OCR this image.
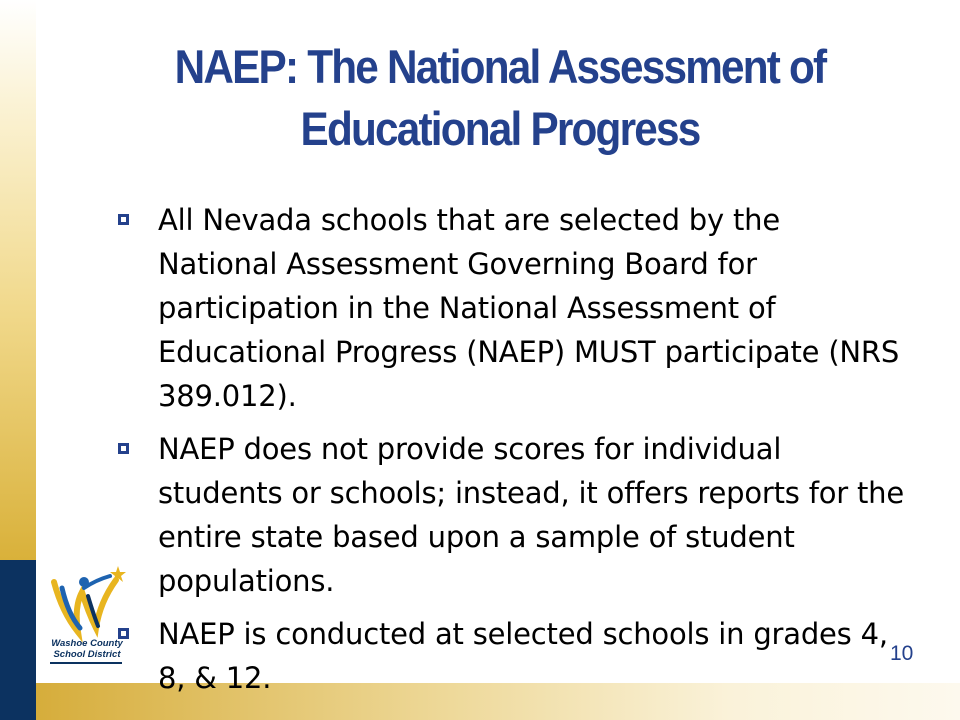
NAEP: The National Assessment of Educational Progress
All Nevada schools that are selected by the National Assessment Governing Board for participation in the National Assessment of Educational Progress (NAEP) MUST participate (NRS 389.012).
NAEP does not provide scores for individual students or schools; instead, it offers reports for the entire state based upon a sample of student populations.
NAEP is conducted at selected schools in grades 4, 8, & 12.
Washoe County
School District	10
